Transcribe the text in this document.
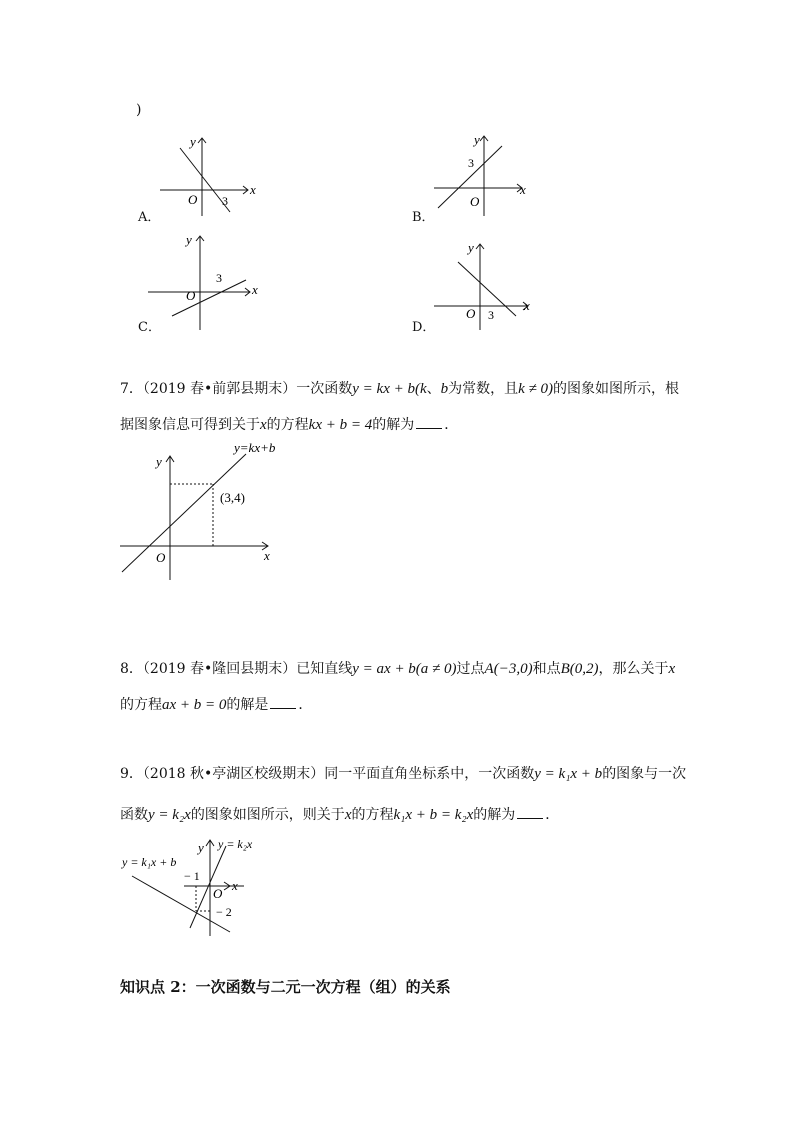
)
A．
x
y
O 3
B．
x
y
O
3
C．
x
y
O
3
D．
x
y
O 3
7．（2019 春•前郭县期末）一次函数y = kx + b(k、b为常数，且k ≠ 0)的图象如图所示，根
据图象信息可得到关于x的方程kx + b = 4的解为 ．
y=kx+b
(3,4)
y
x
O
8．（2019 春•隆回县期末）已知直线y = ax + b(a ≠ 0)过点A(−3,0)和点B(0,2)，那么关于x
的方程ax + b = 0的解是 ．
9．（2018 秋•亭湖区校级期末）同一平面直角坐标系中，一次函数y = k₁x + b的图象与一次
函数y = k₂x的图象如图所示，则关于x的方程k₁x + b = k₂x的解为 ．
y = k₁x + b
y = k₂x
y
x
O
− 1
− 2
知识点 2：一次函数与二元一次方程（组）的关系
